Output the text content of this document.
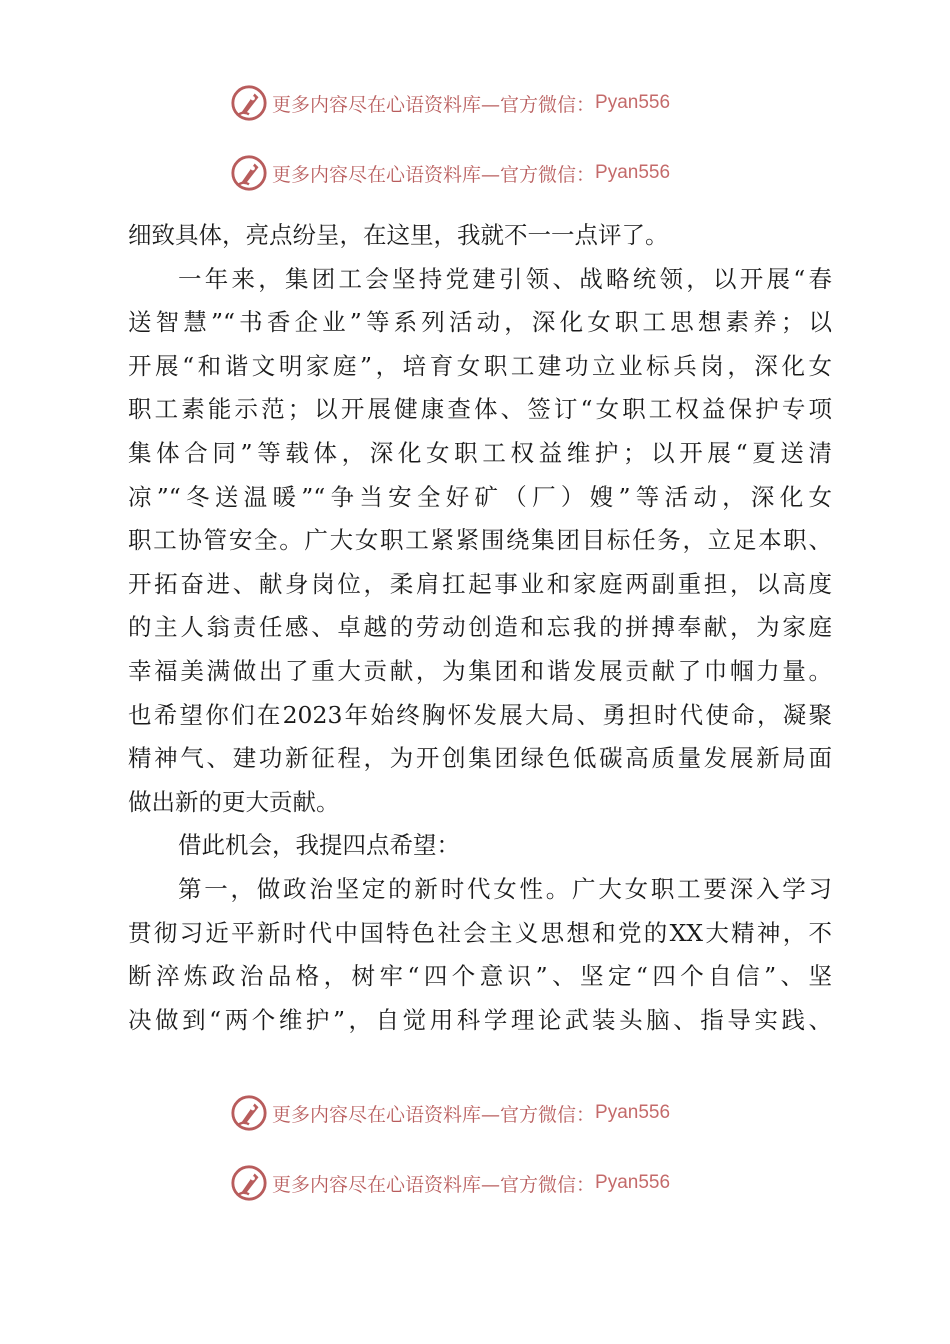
更多内容尽在心语资料库—官方微信： Pyan556
更多内容尽在心语资料库—官方微信： Pyan556
细致具体，亮点纷呈，在这里，我就不一一点评了。
一年来，集团工会坚持党建引领、战略统领，以开展“春
送智慧”“书香企业”等系列活动，深化女职工思想素养；以
开展“和谐文明家庭”，培育女职工建功立业标兵岗，深化女
职工素能示范；以开展健康查体、签订“女职工权益保护专项
集体合同”等载体，深化女职工权益维护；以开展“夏送清
凉”“冬送温暖”“争当安全好矿（厂）嫂”等活动，深化女
职工协管安全。广大女职工紧紧围绕集团目标任务，立足本职、
开拓奋进、献身岗位，柔肩扛起事业和家庭两副重担，以高度
的主人翁责任感、卓越的劳动创造和忘我的拼搏奉献，为家庭
幸福美满做出了重大贡献，为集团和谐发展贡献了巾帼力量。
也希望你们在2023年始终胸怀发展大局、勇担时代使命，凝聚
精神气、建功新征程，为开创集团绿色低碳高质量发展新局面
做出新的更大贡献。
借此机会，我提四点希望：
第一，做政治坚定的新时代女性。广大女职工要深入学习
贯彻习近平新时代中国特色社会主义思想和党的XX大精神，不
断淬炼政治品格，树牢“四个意识”、坚定“四个自信”、坚
决做到“两个维护”，自觉用科学理论武装头脑、指导实践、
更多内容尽在心语资料库—官方微信： Pyan556
更多内容尽在心语资料库—官方微信： Pyan556
